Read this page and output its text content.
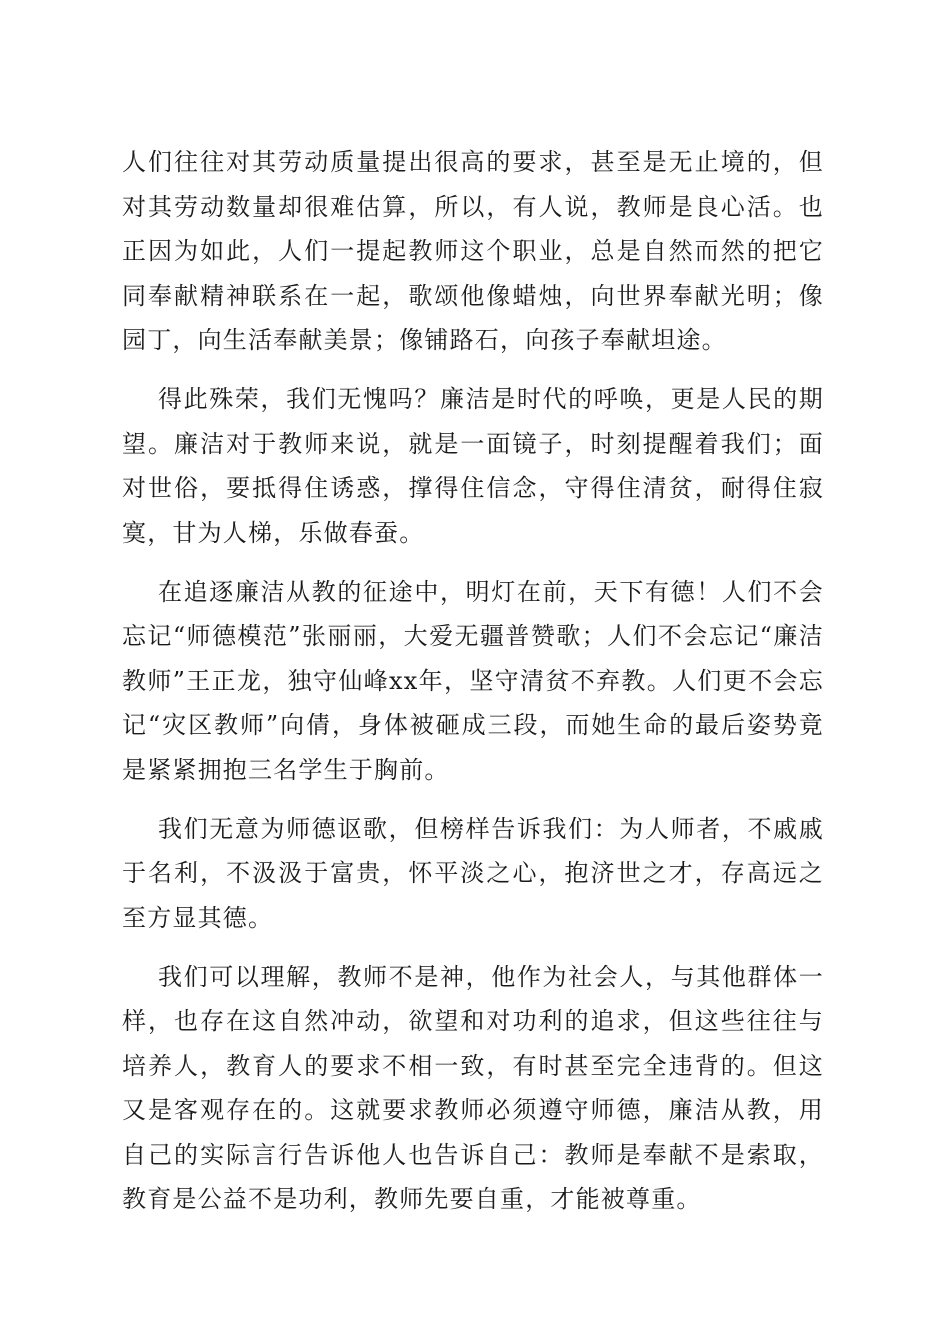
人们往往对其劳动质量提出很高的要求，甚至是无止境的，但对其劳动数量却很难估算，所以，有人说，教师是良心活。也正因为如此，人们一提起教师这个职业，总是自然而然的把它同奉献精神联系在一起，歌颂他像蜡烛，向世界奉献光明；像园丁，向生活奉献美景；像铺路石，向孩子奉献坦途。

得此殊荣，我们无愧吗？廉洁是时代的呼唤，更是人民的期望。廉洁对于教师来说，就是一面镜子，时刻提醒着我们；面对世俗，要抵得住诱惑，撑得住信念，守得住清贫，耐得住寂寞，甘为人梯，乐做春蚕。

在追逐廉洁从教的征途中，明灯在前，天下有德！人们不会忘记“师德模范”张丽丽，大爱无疆普赞歌；人们不会忘记“廉洁教师”王正龙，独守仙峰xx年，坚守清贫不弃教。人们更不会忘记“灾区教师”向倩，身体被砸成三段，而她生命的最后姿势竟是紧紧拥抱三名学生于胸前。

我们无意为师德讴歌，但榜样告诉我们：为人师者，不戚戚于名利，不汲汲于富贵，怀平淡之心，抱济世之才，存高远之至方显其德。

我们可以理解，教师不是神，他作为社会人，与其他群体一样，也存在这自然冲动，欲望和对功利的追求，但这些往往与培养人，教育人的要求不相一致，有时甚至完全违背的。但这又是客观存在的。这就要求教师必须遵守师德，廉洁从教，用自己的实际言行告诉他人也告诉自己：教师是奉献不是索取，教育是公益不是功利，教师先要自重，才能被尊重。
